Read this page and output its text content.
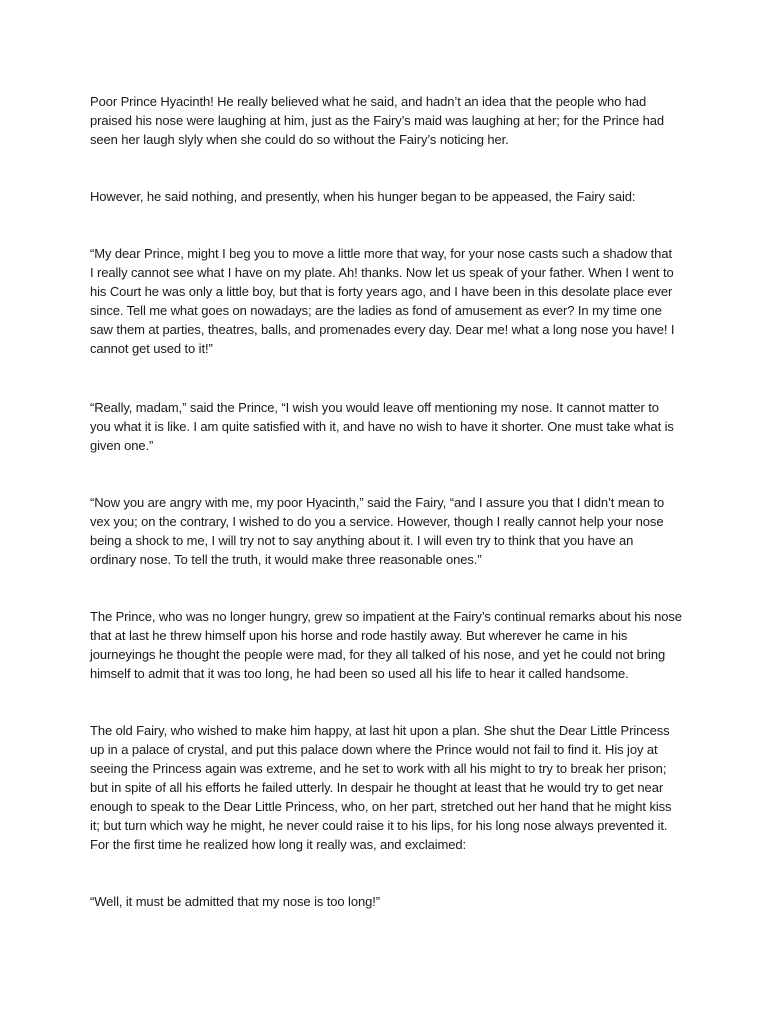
Poor Prince Hyacinth! He really believed what he said, and hadn’t an idea that the people who had
praised his nose were laughing at him, just as the Fairy’s maid was laughing at her; for the Prince had
seen her laugh slyly when she could do so without the Fairy’s noticing her.

However, he said nothing, and presently, when his hunger began to be appeased, the Fairy said:

“My dear Prince, might I beg you to move a little more that way, for your nose casts such a shadow that
I really cannot see what I have on my plate. Ah! thanks. Now let us speak of your father. When I went to
his Court he was only a little boy, but that is forty years ago, and I have been in this desolate place ever
since. Tell me what goes on nowadays; are the ladies as fond of amusement as ever? In my time one
saw them at parties, theatres, balls, and promenades every day. Dear me! what a long nose you have! I
cannot get used to it!”

“Really, madam,” said the Prince, “I wish you would leave off mentioning my nose. It cannot matter to
you what it is like. I am quite satisfied with it, and have no wish to have it shorter. One must take what is
given one.”

“Now you are angry with me, my poor Hyacinth,” said the Fairy, “and I assure you that I didn’t mean to
vex you; on the contrary, I wished to do you a service. However, though I really cannot help your nose
being a shock to me, I will try not to say anything about it. I will even try to think that you have an
ordinary nose. To tell the truth, it would make three reasonable ones.”

The Prince, who was no longer hungry, grew so impatient at the Fairy’s continual remarks about his nose
that at last he threw himself upon his horse and rode hastily away. But wherever he came in his
journeyings he thought the people were mad, for they all talked of his nose, and yet he could not bring
himself to admit that it was too long, he had been so used all his life to hear it called handsome.

The old Fairy, who wished to make him happy, at last hit upon a plan. She shut the Dear Little Princess
up in a palace of crystal, and put this palace down where the Prince would not fail to find it. His joy at
seeing the Princess again was extreme, and he set to work with all his might to try to break her prison;
but in spite of all his efforts he failed utterly. In despair he thought at least that he would try to get near
enough to speak to the Dear Little Princess, who, on her part, stretched out her hand that he might kiss
it; but turn which way he might, he never could raise it to his lips, for his long nose always prevented it.
For the first time he realized how long it really was, and exclaimed:

“Well, it must be admitted that my nose is too long!”
